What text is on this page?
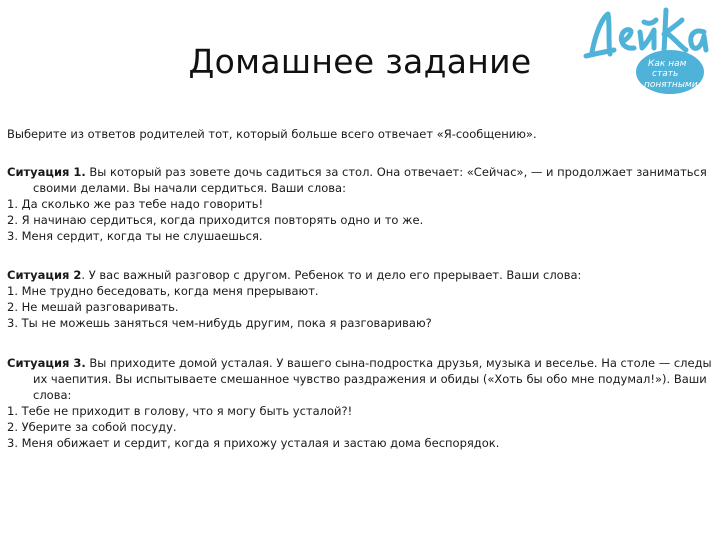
Домашнее задание	Как нам
стать
понятными
Выберите из ответов родителей тот, который больше всего отвечает «Я‑сообщению».

Ситуация 1. Вы который раз зовете дочь садиться за стол. Она отвечает: «Сейчас», — и продолжает заниматься своими делами. Вы начали сердиться. Ваши слова:

1. Да сколько же раз тебе надо говорить!

2. Я начинаю сердиться, когда приходится повторять одно и то же.

3. Меня сердит, когда ты не слушаешься.

Ситуация 2. У вас важный разговор с другом. Ребенок то и дело его прерывает. Ваши слова:

1. Мне трудно беседовать, когда меня прерывают.

2. Не мешай разговаривать.

3. Ты не можешь заняться чем‑нибудь другим, пока я разговариваю?

Ситуация 3. Вы приходите домой усталая. У вашего сына‑подростка друзья, музыка и веселье. На столе — следы их чаепития. Вы испытываете смешанное чувство раздражения и обиды («Хоть бы обо мне подумал!»). Ваши слова:

1. Тебе не приходит в голову, что я могу быть усталой?!

2. Уберите за собой посуду.

3. Меня обижает и сердит, когда я прихожу усталая и застаю дома беспорядок.
